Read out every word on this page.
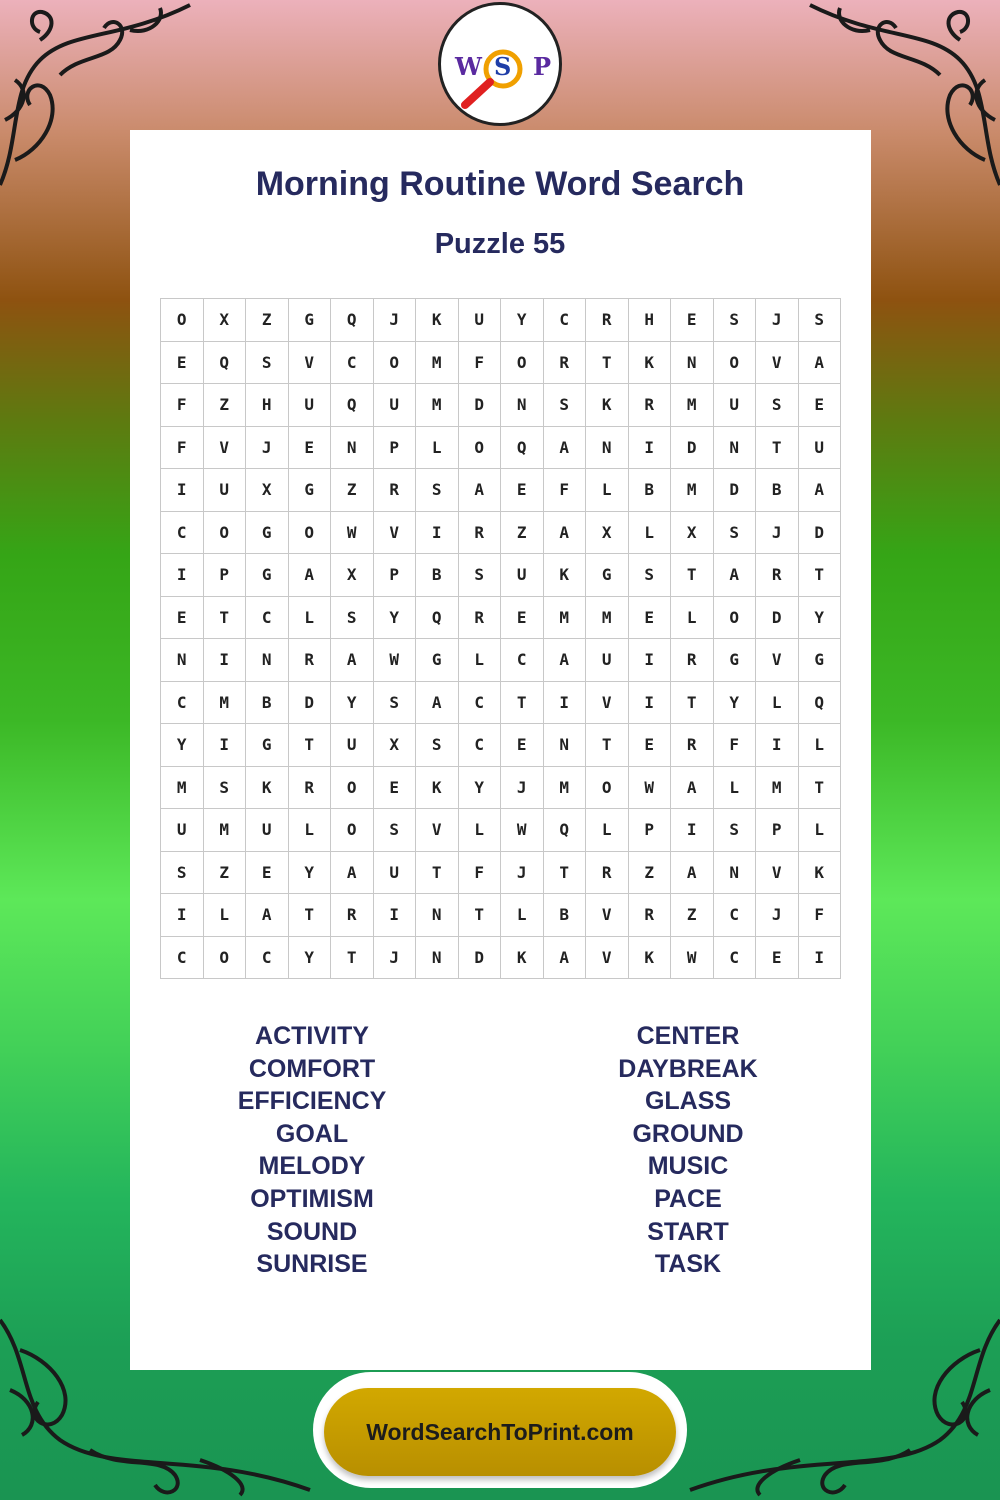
W S P
Morning Routine Word Search
Puzzle 55
O	X	Z	G	Q	J	K	U	Y	C	R	H	E	S	J	S
E	Q	S	V	C	O	M	F	O	R	T	K	N	O	V	A
F	Z	H	U	Q	U	M	D	N	S	K	R	M	U	S	E
F	V	J	E	N	P	L	O	Q	A	N	I	D	N	T	U
I	U	X	G	Z	R	S	A	E	F	L	B	M	D	B	A
C	O	G	O	W	V	I	R	Z	A	X	L	X	S	J	D
I	P	G	A	X	P	B	S	U	K	G	S	T	A	R	T
E	T	C	L	S	Y	Q	R	E	M	M	E	L	O	D	Y
N	I	N	R	A	W	G	L	C	A	U	I	R	G	V	G
C	M	B	D	Y	S	A	C	T	I	V	I	T	Y	L	Q
Y	I	G	T	U	X	S	C	E	N	T	E	R	F	I	L
M	S	K	R	O	E	K	Y	J	M	O	W	A	L	M	T
U	M	U	L	O	S	V	L	W	Q	L	P	I	S	P	L
S	Z	E	Y	A	U	T	F	J	T	R	Z	A	N	V	K
I	L	A	T	R	I	N	T	L	B	V	R	Z	C	J	F
C	O	C	Y	T	J	N	D	K	A	V	K	W	C	E	I
ACTIVITY
COMFORT
EFFICIENCY
GOAL
MELODY
OPTIMISM
SOUND
SUNRISE
CENTER
DAYBREAK
GLASS
GROUND
MUSIC
PACE
START
TASK
WordSearchToPrint.com
